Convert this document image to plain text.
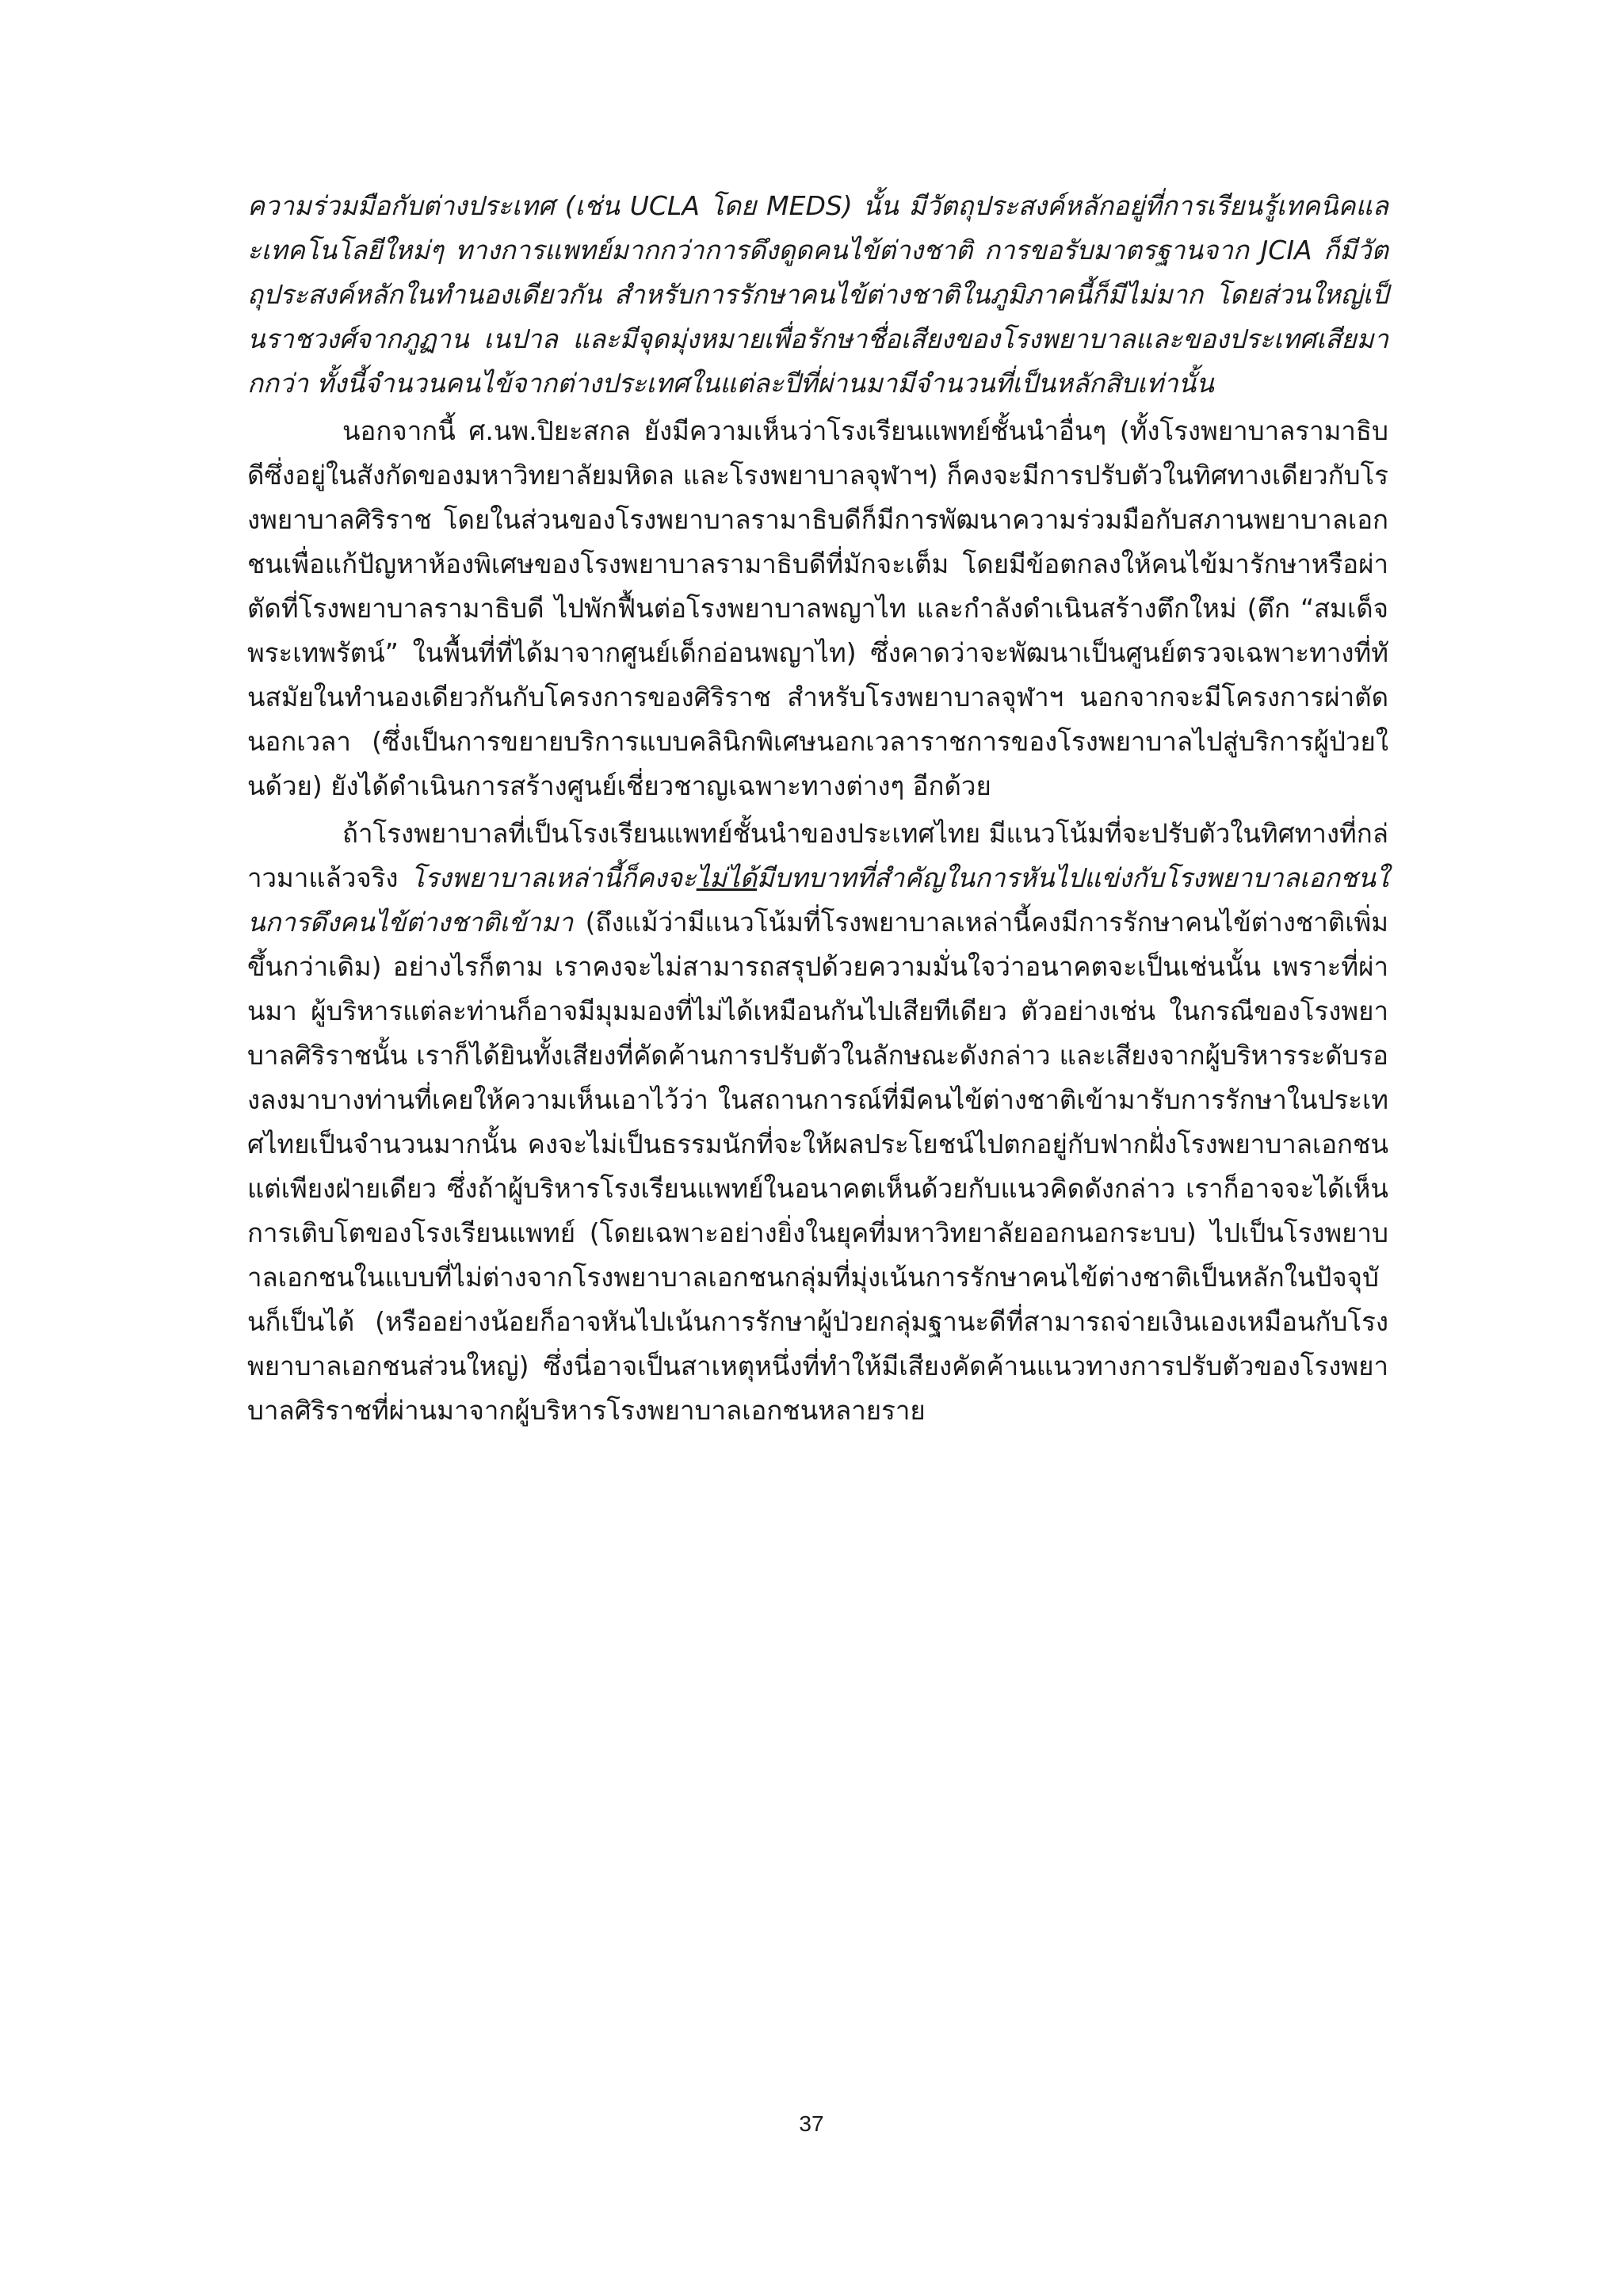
ความร่วมมือกับต่างประเทศ (เช่น UCLA โดย MEDS) นั้น มีวัตถุประสงค์หลักอยู่ที่การเรียนรู้เทคนิคและเทคโนโลยีใหม่ๆ ทางการแพทย์มากกว่าการดึงดูดคนไข้ต่างชาติ การขอรับมาตรฐานจาก JCIA ก็มีวัตถุประสงค์หลักในทำนองเดียวกัน สำหรับการรักษาคนไข้ต่างชาติในภูมิภาคนี้ก็มีไม่มาก โดยส่วนใหญ่เป็นราชวงศ์จากภูฏาน เนปาล และมีจุดมุ่งหมายเพื่อรักษาชื่อเสียงของโรงพยาบาลและของประเทศเสียมากกว่า ทั้งนี้จำนวนคนไข้จากต่างประเทศในแต่ละปีที่ผ่านมามีจำนวนที่เป็นหลักสิบเท่านั้น

นอกจากนี้ ศ.นพ.ปิยะสกล ยังมีความเห็นว่าโรงเรียนแพทย์ชั้นนำอื่นๆ (ทั้งโรงพยาบาลรามาธิบดีซึ่งอยู่ในสังกัดของมหาวิทยาลัยมหิดล และโรงพยาบาลจุฬาฯ) ก็คงจะมีการปรับตัวในทิศทางเดียวกับโรงพยาบาลศิริราช โดยในส่วนของโรงพยาบาลรามาธิบดีก็มีการพัฒนาความร่วมมือกับสภานพยาบาลเอกชนเพื่อแก้ปัญหาห้องพิเศษของโรงพยาบาลรามาธิบดีที่มักจะเต็ม โดยมีข้อตกลงให้คนไข้มารักษาหรือผ่าตัดที่โรงพยาบาลรามาธิบดี ไปพักฟื้นต่อโรงพยาบาลพญาไท และกำลังดำเนินสร้างตึกใหม่ (ตึก “สมเด็จพระเทพรัตน์” ในพื้นที่ที่ได้มาจากศูนย์เด็กอ่อนพญาไท) ซึ่งคาดว่าจะพัฒนาเป็นศูนย์ตรวจเฉพาะทางที่ทันสมัยในทำนองเดียวกันกับโครงการของศิริราช สำหรับโรงพยาบาลจุฬาฯ นอกจากจะมีโครงการผ่าตัดนอกเวลา (ซึ่งเป็นการขยายบริการแบบคลินิกพิเศษนอกเวลาราชการของโรงพยาบาลไปสู่บริการผู้ป่วยในด้วย) ยังได้ดำเนินการสร้างศูนย์เชี่ยวชาญเฉพาะทางต่างๆ อีกด้วย

ถ้าโรงพยาบาลที่เป็นโรงเรียนแพทย์ชั้นนำของประเทศไทย มีแนวโน้มที่จะปรับตัวในทิศทางที่กล่าวมาแล้วจริง โรงพยาบาลเหล่านี้ก็คงจะไม่ได้มีบทบาทที่สำคัญในการหันไปแข่งกับโรงพยาบาลเอกชนในการดึงคนไข้ต่างชาติเข้ามา (ถึงแม้ว่ามีแนวโน้มที่โรงพยาบาลเหล่านี้คงมีการรักษาคนไข้ต่างชาติเพิ่มขึ้นกว่าเดิม) อย่างไรก็ตาม เราคงจะไม่สามารถสรุปด้วยความมั่นใจว่าอนาคตจะเป็นเช่นนั้น เพราะที่ผ่านมา ผู้บริหารแต่ละท่านก็อาจมีมุมมองที่ไม่ได้เหมือนกันไปเสียทีเดียว ตัวอย่างเช่น ในกรณีของโรงพยาบาลศิริราชนั้น เราก็ได้ยินทั้งเสียงที่คัดค้านการปรับตัวในลักษณะดังกล่าว และเสียงจากผู้บริหารระดับรองลงมาบางท่านที่เคยให้ความเห็นเอาไว้ว่า ในสถานการณ์ที่มีคนไข้ต่างชาติเข้ามารับการรักษาในประเทศไทยเป็นจำนวนมากนั้น คงจะไม่เป็นธรรมนักที่จะให้ผลประโยชน์ไปตกอยู่กับฟากฝั่งโรงพยาบาลเอกชนแต่เพียงฝ่ายเดียว ซึ่งถ้าผู้บริหารโรงเรียนแพทย์ในอนาคตเห็นด้วยกับแนวคิดดังกล่าว เราก็อาจจะได้เห็นการเติบโตของโรงเรียนแพทย์ (โดยเฉพาะอย่างยิ่งในยุคที่มหาวิทยาลัยออกนอกระบบ) ไปเป็นโรงพยาบาลเอกชนในแบบที่ไม่ต่างจากโรงพยาบาลเอกชนกลุ่มที่มุ่งเน้นการรักษาคนไข้ต่างชาติเป็นหลักในปัจจุบันก็เป็นได้ (หรืออย่างน้อยก็อาจหันไปเน้นการรักษาผู้ป่วยกลุ่มฐานะดีที่สามารถจ่ายเงินเองเหมือนกับโรงพยาบาลเอกชนส่วนใหญ่) ซึ่งนี่อาจเป็นสาเหตุหนึ่งที่ทำให้มีเสียงคัดค้านแนวทางการปรับตัวของโรงพยาบาลศิริราชที่ผ่านมาจากผู้บริหารโรงพยาบาลเอกชนหลายราย

37
